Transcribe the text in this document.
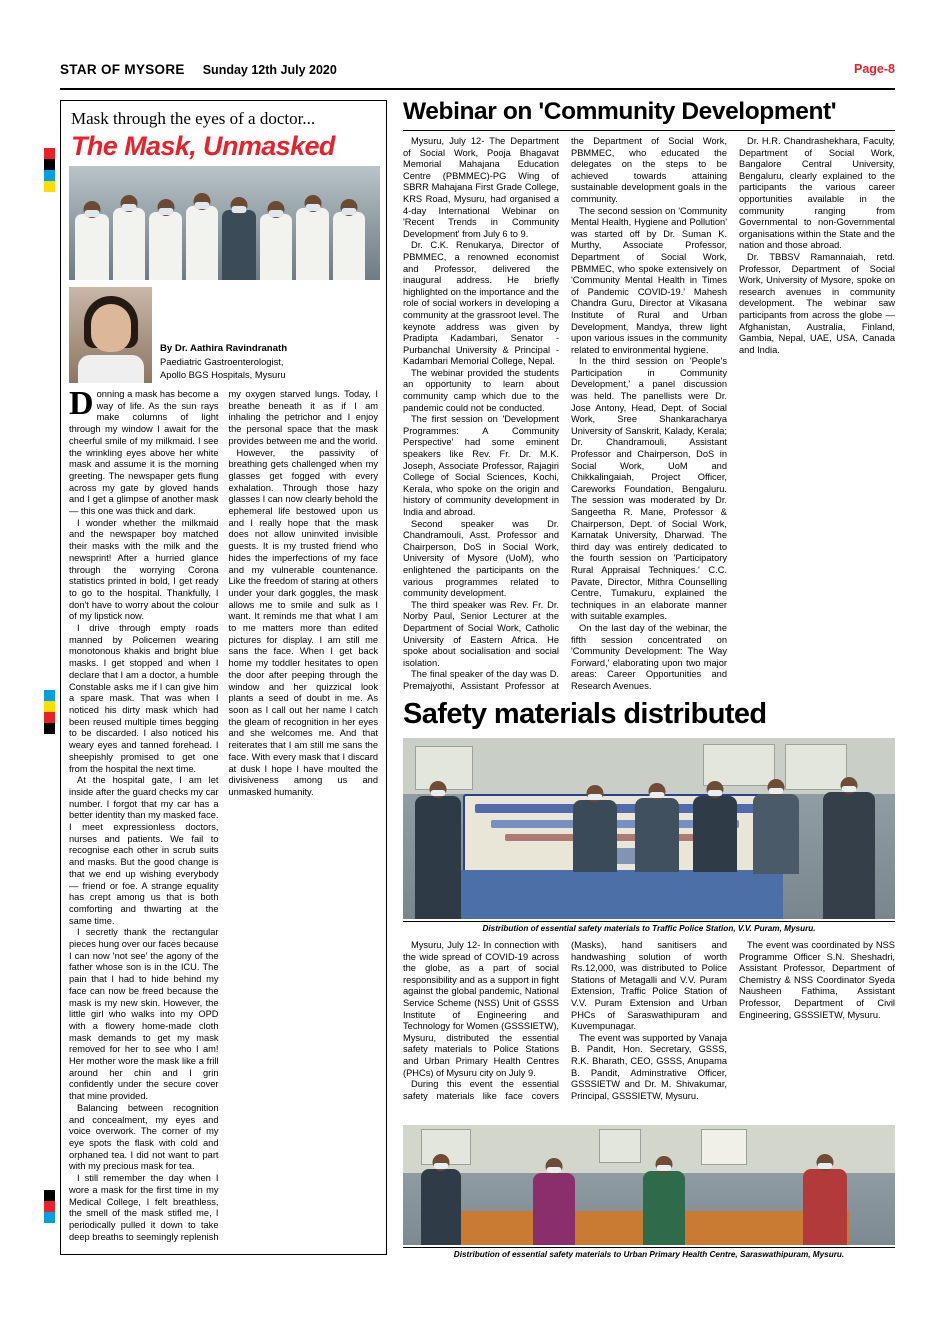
STAR OF MYSORE Sunday 12th July 2020	Page-8
Mask through the eyes of a doctor...
The Mask, Unmasked
By Dr. Aathira Ravindranath
Paediatric Gastroenterologist,
Apollo BGS Hospitals, Mysuru

Donning a mask has become a way of life. As the sun rays make columns of light through my window I await for the cheerful smile of my milkmaid. I see the wrinkling eyes above her white mask and assume it is the morning greeting. The newspaper gets flung across my gate by gloved hands and I get a glimpse of another mask — this one was thick and dark.

I wonder whether the milkmaid and the newspaper boy matched their masks with the milk and the newsprint! After a hurried glance through the worrying Corona statistics printed in bold, I get ready to go to the hospital. Thankfully, I don't have to worry about the colour of my lipstick now.

I drive through empty roads manned by Policemen wearing monotonous khakis and bright blue masks. I get stopped and when I declare that I am a doctor, a humble Constable asks me if I can give him a spare mask. That was when I noticed his dirty mask which had been reused multiple times begging to be discarded. I also noticed his weary eyes and tanned forehead. I sheepishly promised to get one from the hospital the next time.

At the hospital gate, I am let inside after the guard checks my car number. I forgot that my car has a better identity than my masked face. I meet expressionless doctors, nurses and patients. We fail to recognise each other in scrub suits and masks. But the good change is that we end up wishing everybody — friend or foe. A strange equality has crept among us that is both comforting and thwarting at the same time.

I secretly thank the rectangular pieces hung over our faces because I can now 'not see' the agony of the father whose son is in the ICU. The pain that I had to hide behind my face can now be freed because the mask is my new skin. However, the little girl who walks into my OPD with a flowery home-made cloth mask demands to get my mask removed for her to see who I am! Her mother wore the mask like a frill around her chin and I grin confidently under the secure cover that mine provided.

Balancing between recognition and concealment, my eyes and voice overwork. The corner of my eye spots the flask with cold and orphaned tea. I did not want to part with my precious mask for tea.

I still remember the day when I wore a mask for the first time in my Medical College, I felt breathless, the smell of the mask stifled me, I periodically pulled it down to take deep breaths to seemingly replenish my oxygen starved lungs. Today, I breathe beneath it as if I am inhaling the petrichor and I enjoy the personal space that the mask provides between me and the world.

However, the passivity of breathing gets challenged when my glasses get fogged with every exhalation. Through those hazy glasses I can now clearly behold the ephemeral life bestowed upon us and I really hope that the mask does not allow uninvited invisible guests. It is my trusted friend who hides the imperfections of my face and my vulnerable countenance. Like the freedom of staring at others under your dark goggles, the mask allows me to smile and sulk as I want. It reminds me that what I am to me matters more than edited pictures for display. I am still me sans the face. When I get back home my toddler hesitates to open the door after peeping through the window and her quizzical look plants a seed of doubt in me. As soon as I call out her name I catch the gleam of recognition in her eyes and she welcomes me. And that reiterates that I am still me sans the face. With every mask that I discard at dusk I hope I have moulted the divisiveness among us and unmasked humanity.

Webinar on 'Community Development'

Mysuru, July 12- The Department of Social Work, Pooja Bhagavat Memorial Mahajana Education Centre (PBMMEC)-PG Wing of SBRR Mahajana First Grade College, KRS Road, Mysuru, had organised a 4-day International Webinar on 'Recent Trends in Community Development' from July 6 to 9.

Dr. C.K. Renukarya, Director of PBMMEC, a renowned economist and Professor, delivered the inaugural address. He briefly highlighted on the importance and the role of social workers in developing a community at the grassroot level. The keynote address was given by Pradipta Kadambari, Senator - Purbanchal University & Principal - Kadambari Memorial College, Nepal.

The webinar provided the students an opportunity to learn about community camp which due to the pandemic could not be conducted.

The first session on 'Development Programmes: A Community Perspective' had some eminent speakers like Rev. Fr. Dr. M.K. Joseph, Associate Professor, Rajagiri College of Social Sciences, Kochi, Kerala, who spoke on the origin and history of community development in India and abroad.

Second speaker was Dr. Chandramouli, Asst. Professor and Chairperson, DoS in Social Work, University of Mysore (UoM), who enlightened the participants on the various programmes related to community development.

The third speaker was Rev. Fr. Dr. Norby Paul, Senior Lecturer at the Department of Social Work, Catholic University of Eastern Africa. He spoke about socialisation and social isolation.

The final speaker of the day was D. Premajyothi, Assistant Professor at the Department of Social Work, PBMMEC, who educated the delegates on the steps to be achieved towards attaining sustainable development goals in the community.

The second session on 'Community Mental Health, Hygiene and Pollution' was started off by Dr. Suman K. Murthy, Associate Professor, Department of Social Work, PBMMEC, who spoke extensively on 'Community Mental Health in Times of Pandemic COVID-19.' Mahesh Chandra Guru, Director at Vikasana Institute of Rural and Urban Development, Mandya, threw light upon various issues in the community related to environmental hygiene.

In the third session on 'People's Participation in Community Development,' a panel discussion was held. The panellists were Dr. Jose Antony, Head, Dept. of Social Work, Sree Shankaracharya University of Sanskrit, Kalady, Kerala; Dr. Chandramouli, Assistant Professor and Chairperson, DoS in Social Work, UoM and Chikkalingaiah, Project Officer, Careworks Foundation, Bengaluru. The session was moderated by Dr. Sangeetha R. Mane, Professor & Chairperson, Dept. of Social Work, Karnatak University, Dharwad. The third day was entirely dedicated to the fourth session on 'Participatory Rural Appraisal Techniques.' C.C. Pavate, Director, Mithra Counselling Centre, Tumakuru, explained the techniques in an elaborate manner with suitable examples.

On the last day of the webinar, the fifth session concentrated on 'Community Development: The Way Forward,' elaborating upon two major areas: Career Opportunities and Research Avenues.

Dr. H.R. Chandrashekhara, Faculty, Department of Social Work, Bangalore Central University, Bengaluru, clearly explained to the participants the various career opportunities available in the community ranging from Governmental to non-Governmental organisations within the State and the nation and those abroad.

Dr. TBBSV Ramannaiah, retd. Professor, Department of Social Work, University of Mysore, spoke on research avenues in community development. The webinar saw participants from across the globe — Afghanistan, Australia, Finland, Gambia, Nepal, UAE, USA, Canada and India.

Safety materials distributed
Distribution of essential safety materials to Traffic Police Station, V.V. Puram, Mysuru.

Mysuru, July 12- In connection with the wide spread of COVID-19 across the globe, as a part of social responsibility and as a support in fight against the global pandemic, National Service Scheme (NSS) Unit of GSSS Institute of Engineering and Technology for Women (GSSSIETW), Mysuru, distributed the essential safety materials to Police Stations and Urban Primary Health Centres (PHCs) of Mysuru city on July 9.

During this event the essential safety materials like face covers (Masks), hand sanitisers and handwashing solution of worth Rs.12,000, was distributed to Police Stations of Metagalli and V.V. Puram Extension, Traffic Police Station of V.V. Puram Extension and Urban PHCs of Saraswathipuram and Kuvempunagar.

The event was supported by Vanaja B. Pandit, Hon. Secretary, GSSS, R.K. Bharath, CEO, GSSS, Anupama B. Pandit, Adminstrative Officer, GSSSIETW and Dr. M. Shivakumar, Principal, GSSSIETW, Mysuru.

The event was coordinated by NSS Programme Officer S.N. Sheshadri, Assistant Professor, Department of Chemistry & NSS Coordinator Syeda Nausheen Fathima, Assistant Professor, Department of Civil Engineering, GSSSIETW, Mysuru.

Distribution of essential safety materials to Urban Primary Health Centre, Saraswathipuram, Mysuru.
